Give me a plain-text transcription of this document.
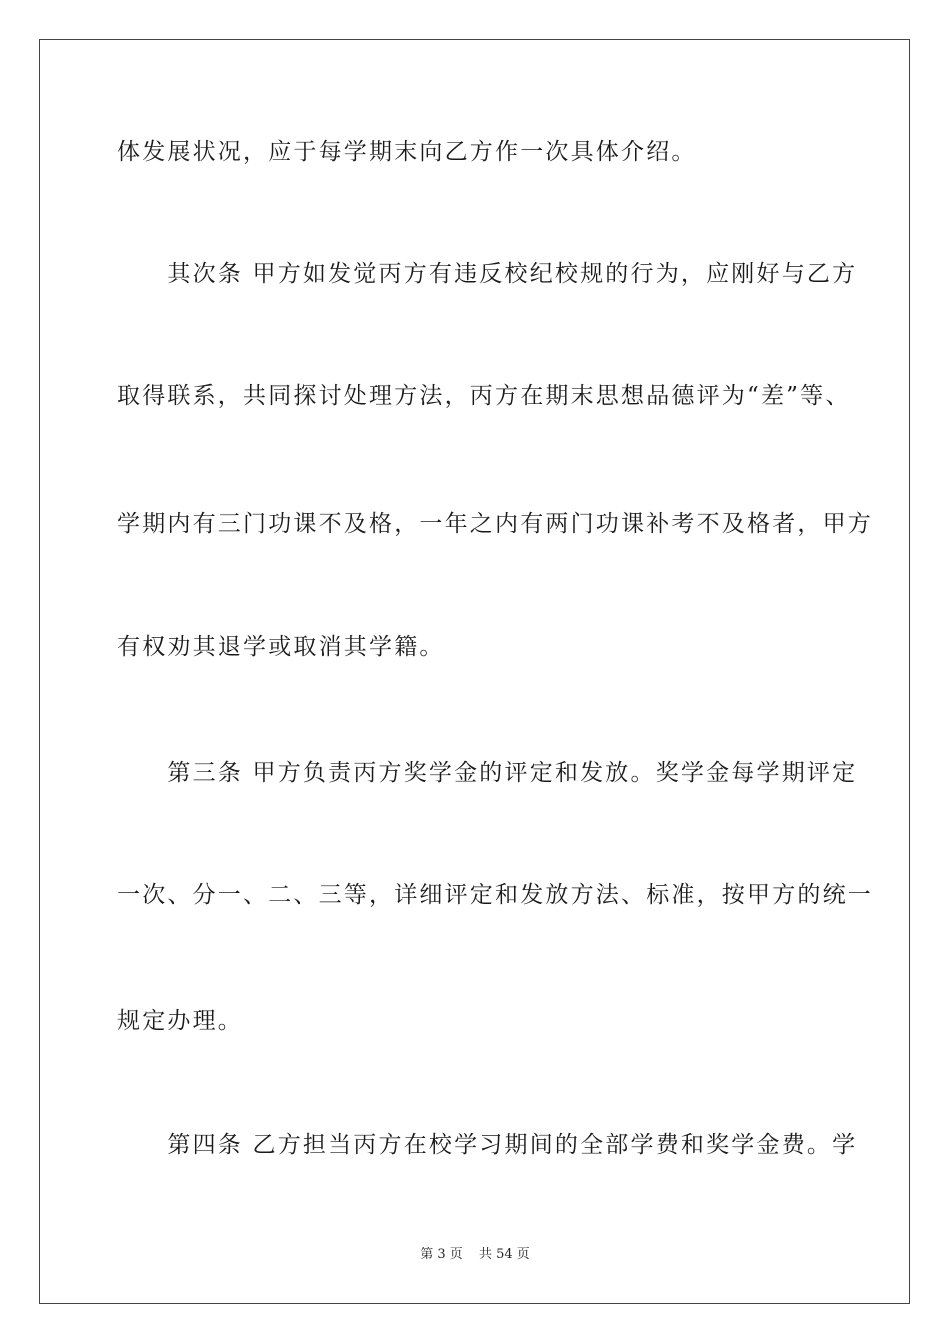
体发展状况，应于每学期末向乙方作一次具体介绍。
　　其次条 甲方如发觉丙方有违反校纪校规的行为，应刚好与乙方
取得联系，共同探讨处理方法，丙方在期末思想品德评为“差”等、
学期内有三门功课不及格，一年之内有两门功课补考不及格者，甲方
有权劝其退学或取消其学籍。
　　第三条 甲方负责丙方奖学金的评定和发放。奖学金每学期评定
一次、分一、二、三等，详细评定和发放方法、标准，按甲方的统一
规定办理。
　　第四条 乙方担当丙方在校学习期间的全部学费和奖学金费。学
第 3 页 共 54 页
